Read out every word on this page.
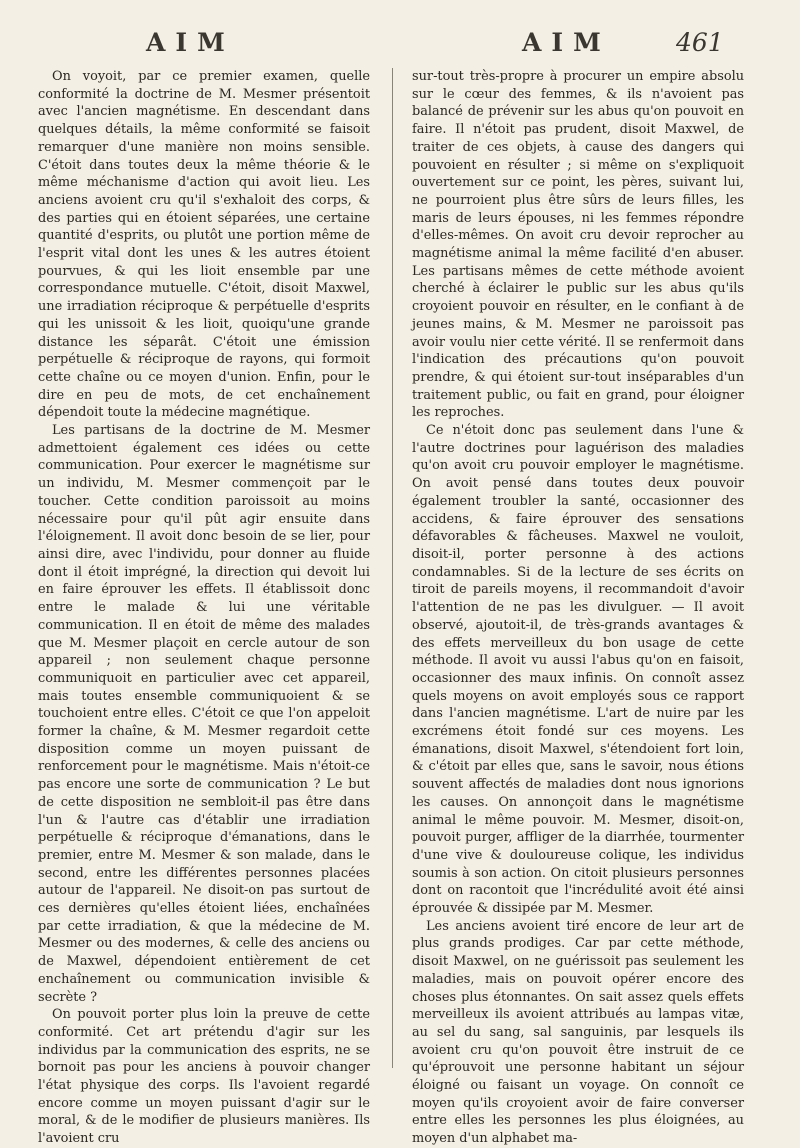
AIM	AIM	461

On voyoit, par ce premier examen, quelle conformité la doctrine de M. Mesmer présentoit avec l'ancien magnétisme. En descendant dans quelques détails, la même conformité se faisoit remarquer d'une manière non moins sensible. C'étoit dans toutes deux la même théorie & le même méchanisme d'action qui avoit lieu. Les anciens avoient cru qu'il s'exhaloit des corps, & des parties qui en étoient séparées, une certaine quantité d'esprits, ou plutôt une portion même de l'esprit vital dont les unes & les autres étoient pourvues, & qui les lioit ensemble par une correspondance mutuelle. C'étoit, disoit Maxwel, une irradiation réciproque & perpétuelle d'esprits qui les unissoit & les lioit, quoiqu'une grande distance les séparât. C'étoit une émission perpétuelle & réciproque de rayons, qui formoit cette chaîne ou ce moyen d'union. Enfin, pour le dire en peu de mots, de cet enchaînement dépendoit toute la médecine magnétique.

Les partisans de la doctrine de M. Mesmer admettoient également ces idées ou cette communication. Pour exercer le magnétisme sur un individu, M. Mesmer commençoit par le toucher. Cette condition paroissoit au moins nécessaire pour qu'il pût agir ensuite dans l'éloignement. Il avoit donc besoin de se lier, pour ainsi dire, avec l'individu, pour donner au fluide dont il étoit imprégné, la direction qui devoit lui en faire éprouver les effets. Il établissoit donc entre le malade & lui une véritable communication. Il en étoit de même des malades que M. Mesmer plaçoit en cercle autour de son appareil ; non seulement chaque personne communiquoit en particulier avec cet appareil, mais toutes ensemble communiquoient & se touchoient entre elles. C'étoit ce que l'on appeloit former la chaîne, & M. Mesmer regardoit cette disposition comme un moyen puissant de renforcement pour le magnétisme. Mais n'étoit-ce pas encore une sorte de communication ? Le but de cette disposition ne sembloit-il pas être dans l'un & l'autre cas d'établir une irradiation perpétuelle & réciproque d'émanations, dans le premier, entre M. Mesmer & son malade, dans le second, entre les différentes personnes placées autour de l'appareil. Ne disoit-on pas surtout de ces dernières qu'elles étoient liées, enchaînées par cette irradiation, & que la médecine de M. Mesmer ou des modernes, & celle des anciens ou de Maxwel, dépendoient entièrement de cet enchaînement ou communication invisible & secrète ?

On pouvoit porter plus loin la preuve de cette conformité. Cet art prétendu d'agir sur les individus par la communication des esprits, ne se bornoit pas pour les anciens à pouvoir changer l'état physique des corps. Ils l'avoient regardé encore comme un moyen puissant d'agir sur le moral, & de le modifier de plusieurs manières. Ils l'avoient cru

sur-tout très-propre à procurer un empire absolu sur le cœur des femmes, & ils n'avoient pas balancé de prévenir sur les abus qu'on pouvoit en faire. Il n'étoit pas prudent, disoit Maxwel, de traiter de ces objets, à cause des dangers qui pouvoient en résulter ; si même on s'expliquoit ouvertement sur ce point, les pères, suivant lui, ne pourroient plus être sûrs de leurs filles, les maris de leurs épouses, ni les femmes répondre d'elles-mêmes. On avoit cru devoir reprocher au magnétisme animal la même facilité d'en abuser. Les partisans mêmes de cette méthode avoient cherché à éclairer le public sur les abus qu'ils croyoient pouvoir en résulter, en le confiant à de jeunes mains, & M. Mesmer ne paroissoit pas avoir voulu nier cette vérité. Il se renfermoit dans l'indication des précautions qu'on pouvoit prendre, & qui étoient sur-tout inséparables d'un traitement public, ou fait en grand, pour éloigner les reproches.

Ce n'étoit donc pas seulement dans l'une & l'autre doctrines pour laguérison des maladies qu'on avoit cru pouvoir employer le magnétisme. On avoit pensé dans toutes deux pouvoir également troubler la santé, occasionner des accidens, & faire éprouver des sensations défavorables & fâcheuses. Maxwel ne vouloit, disoit-il, porter personne à des actions condamnables. Si de la lecture de ses écrits on tiroit de pareils moyens, il recommandoit d'avoir l'attention de ne pas les divulguer. — Il avoit observé, ajoutoit-il, de très-grands avantages & des effets merveilleux du bon usage de cette méthode. Il avoit vu aussi l'abus qu'on en faisoit, occasionner des maux infinis. On connoît assez quels moyens on avoit employés sous ce rapport dans l'ancien magnétisme. L'art de nuire par les excrémens étoit fondé sur ces moyens. Les émanations, disoit Maxwel, s'étendoient fort loin, & c'étoit par elles que, sans le savoir, nous étions souvent affectés de maladies dont nous ignorions les causes. On annonçoit dans le magnétisme animal le même pouvoir. M. Mesmer, disoit-on, pouvoit purger, affliger de la diarrhée, tourmenter d'une vive & douloureuse colique, les individus soumis à son action. On citoit plusieurs personnes dont on racontoit que l'incrédulité avoit été ainsi éprouvée & dissipée par M. Mesmer.

Les anciens avoient tiré encore de leur art de plus grands prodiges. Car par cette méthode, disoit Maxwel, on ne guérissoit pas seulement les maladies, mais on pouvoit opérer encore des choses plus étonnantes. On sait assez quels effets merveilleux ils avoient attribués au lampas vitæ, au sel du sang, sal sanguinis, par lesquels ils avoient cru qu'on pouvoit être instruit de ce qu'éprouvoit une personne habitant un séjour éloigné ou faisant un voyage. On connoît ce moyen qu'ils croyoient avoir de faire converser entre elles les personnes les plus éloignées, au moyen d'un alphabet ma-
